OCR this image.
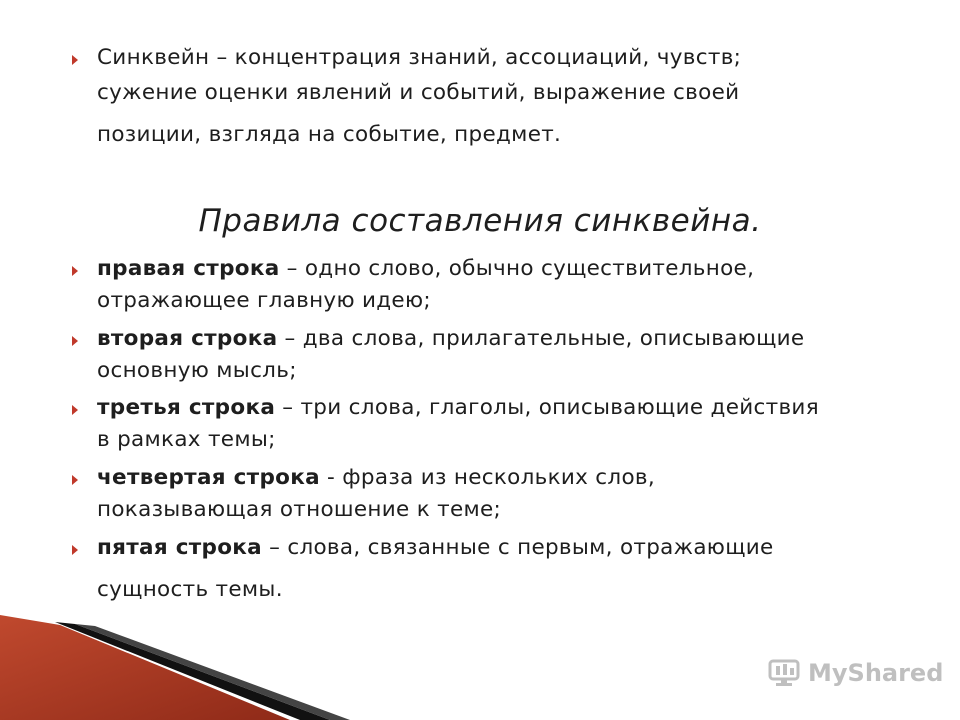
Синквейн – концентрация знаний, ассоциаций, чувств;
сужение оценки явлений и событий, выражение своей
позиции, взгляда на событие, предмет.
Правила составления синквейна.
правая строка – одно слово, обычно существительное,
отражающее главную идею;
вторая строка – два слова, прилагательные, описывающие
основную мысль;
третья строка – три слова, глаголы, описывающие действия
в рамках темы;
четвертая строка - фраза из нескольких слов,
показывающая отношение к теме;
пятая строка – слова, связанные с первым, отражающие
сущность темы.
MyShared
